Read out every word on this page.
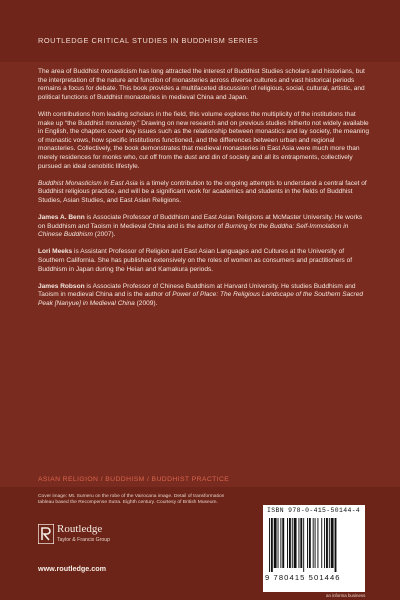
ROUTLEDGE CRITICAL STUDIES IN BUDDHISM SERIES

The area of Buddhist monasticism has long attracted the interest of Buddhist Studies scholars and historians, but the interpretation of the nature and function of monasteries across diverse cultures and vast historical periods remains a focus for debate. This book provides a multifaceted discussion of religious, social, cultural, artistic, and political functions of Buddhist monasteries in medieval China and Japan.

With contributions from leading scholars in the field, this volume explores the multiplicity of the institutions that make up “the Buddhist monastery.” Drawing on new research and on previous studies hitherto not widely available in English, the chapters cover key issues such as the relationship between monastics and lay society, the meaning of monastic vows, how specific institutions functioned, and the differences between urban and regional monasteries. Collectively, the book demonstrates that medieval monasteries in East Asia were much more than merely residences for monks who, cut off from the dust and din of society and all its entrapments, collectively pursued an ideal cenobitic lifestyle.

Buddhist Monasticism in East Asia is a timely contribution to the ongoing attempts to understand a central facet of Buddhist religious practice, and will be a significant work for academics and students in the fields of Buddhist Studies, Asian Studies, and East Asian Religions.

James A. Benn is Associate Professor of Buddhism and East Asian Religions at McMaster University. He works on Buddhism and Taoism in Medieval China and is the author of Burning for the Buddha: Self-Immolation in Chinese Buddhism (2007).

Lori Meeks is Assistant Professor of Religion and East Asian Languages and Cultures at the University of Southern California. She has published extensively on the roles of women as consumers and practitioners of Buddhism in Japan during the Heian and Kamakura periods.

James Robson is Associate Professor of Chinese Buddhism at Harvard University. He studies Buddhism and Taoism in medieval China and is the author of Power of Place: The Religious Landscape of the Southern Sacred Peak [Nanyue] in Medieval China (2009).

ASIAN RELIGION / BUDDHISM / BUDDHIST PRACTICE
Cover image: Mt. Sumeru on the robe of the Vairocana image. Detail of transformation tableau based the Recompense Sutra. Eighth century. Courtesy of British Museum.
Routledge
Taylor & Francis Group
www.routledge.com
ISBN 978-0-415-50144-4
9 780415 501446
an informa business
